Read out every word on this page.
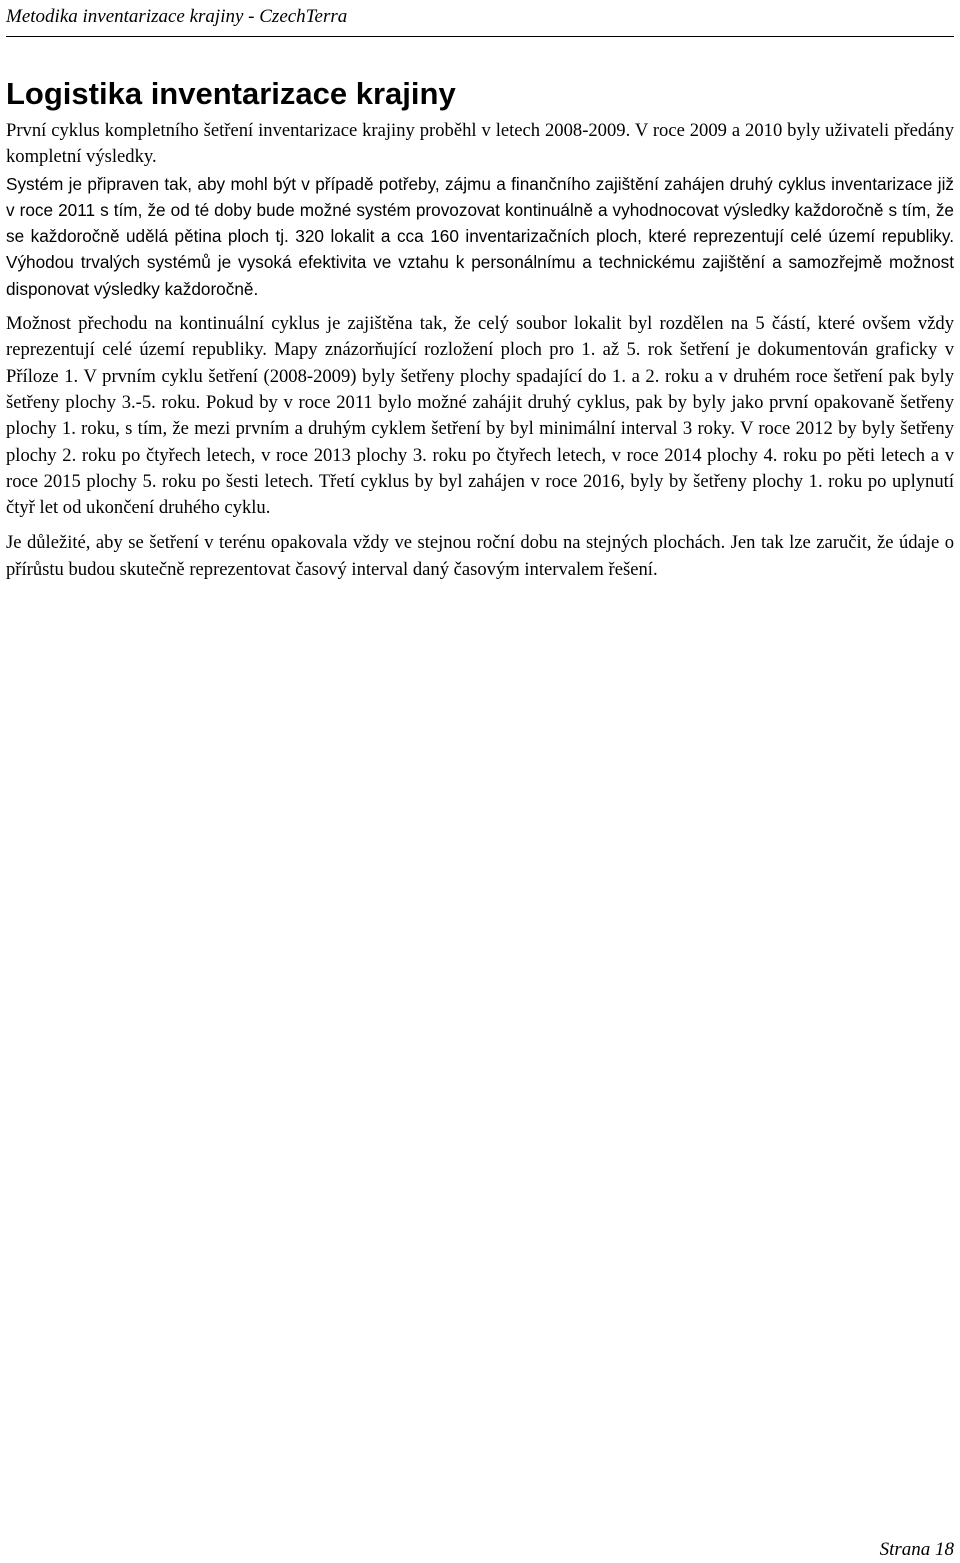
Metodika inventarizace krajiny - CzechTerra
Logistika inventarizace krajiny

První cyklus kompletního šetření inventarizace krajiny proběhl v letech 2008-2009. V roce 2009 a 2010 byly uživateli předány kompletní výsledky.

Systém je připraven tak, aby mohl být v případě potřeby, zájmu a finančního zajištění zahájen druhý cyklus inventarizace již v roce 2011 s tím, že od té doby bude možné systém provozovat kontinuálně a vyhodnocovat výsledky každoročně s tím, že se každoročně udělá pětina ploch tj. 320 lokalit a cca 160 inventarizačních ploch, které reprezentují celé území republiky. Výhodou trvalých systémů je vysoká efektivita ve vztahu k personálnímu a technickému zajištění a samozřejmě možnost disponovat výsledky každoročně.

Možnost přechodu na kontinuální cyklus je zajištěna tak, že celý soubor lokalit byl rozdělen na 5 částí, které ovšem vždy reprezentují celé území republiky. Mapy znázorňující rozložení ploch pro 1. až 5. rok šetření je dokumentován graficky v Příloze 1. V prvním cyklu šetření (2008-2009) byly šetřeny plochy spadající do 1. a 2. roku a v druhém roce šetření pak byly šetřeny plochy 3.-5. roku. Pokud by v roce 2011 bylo možné zahájit druhý cyklus, pak by byly jako první opakovaně šetřeny plochy 1. roku, s tím, že mezi prvním a druhým cyklem šetření by byl minimální interval 3 roky. V roce 2012 by byly šetřeny plochy 2. roku po čtyřech letech, v roce 2013 plochy 3. roku po čtyřech letech, v roce 2014 plochy 4. roku po pěti letech a v roce 2015 plochy 5. roku po šesti letech. Třetí cyklus by byl zahájen v roce 2016, byly by šetřeny plochy 1. roku po uplynutí čtyř let od ukončení druhého cyklu.

Je důležité, aby se šetření v terénu opakovala vždy ve stejnou roční dobu na stejných plochách. Jen tak lze zaručit, že údaje o přírůstu budou skutečně reprezentovat časový interval daný časovým intervalem řešení.

Strana 18
